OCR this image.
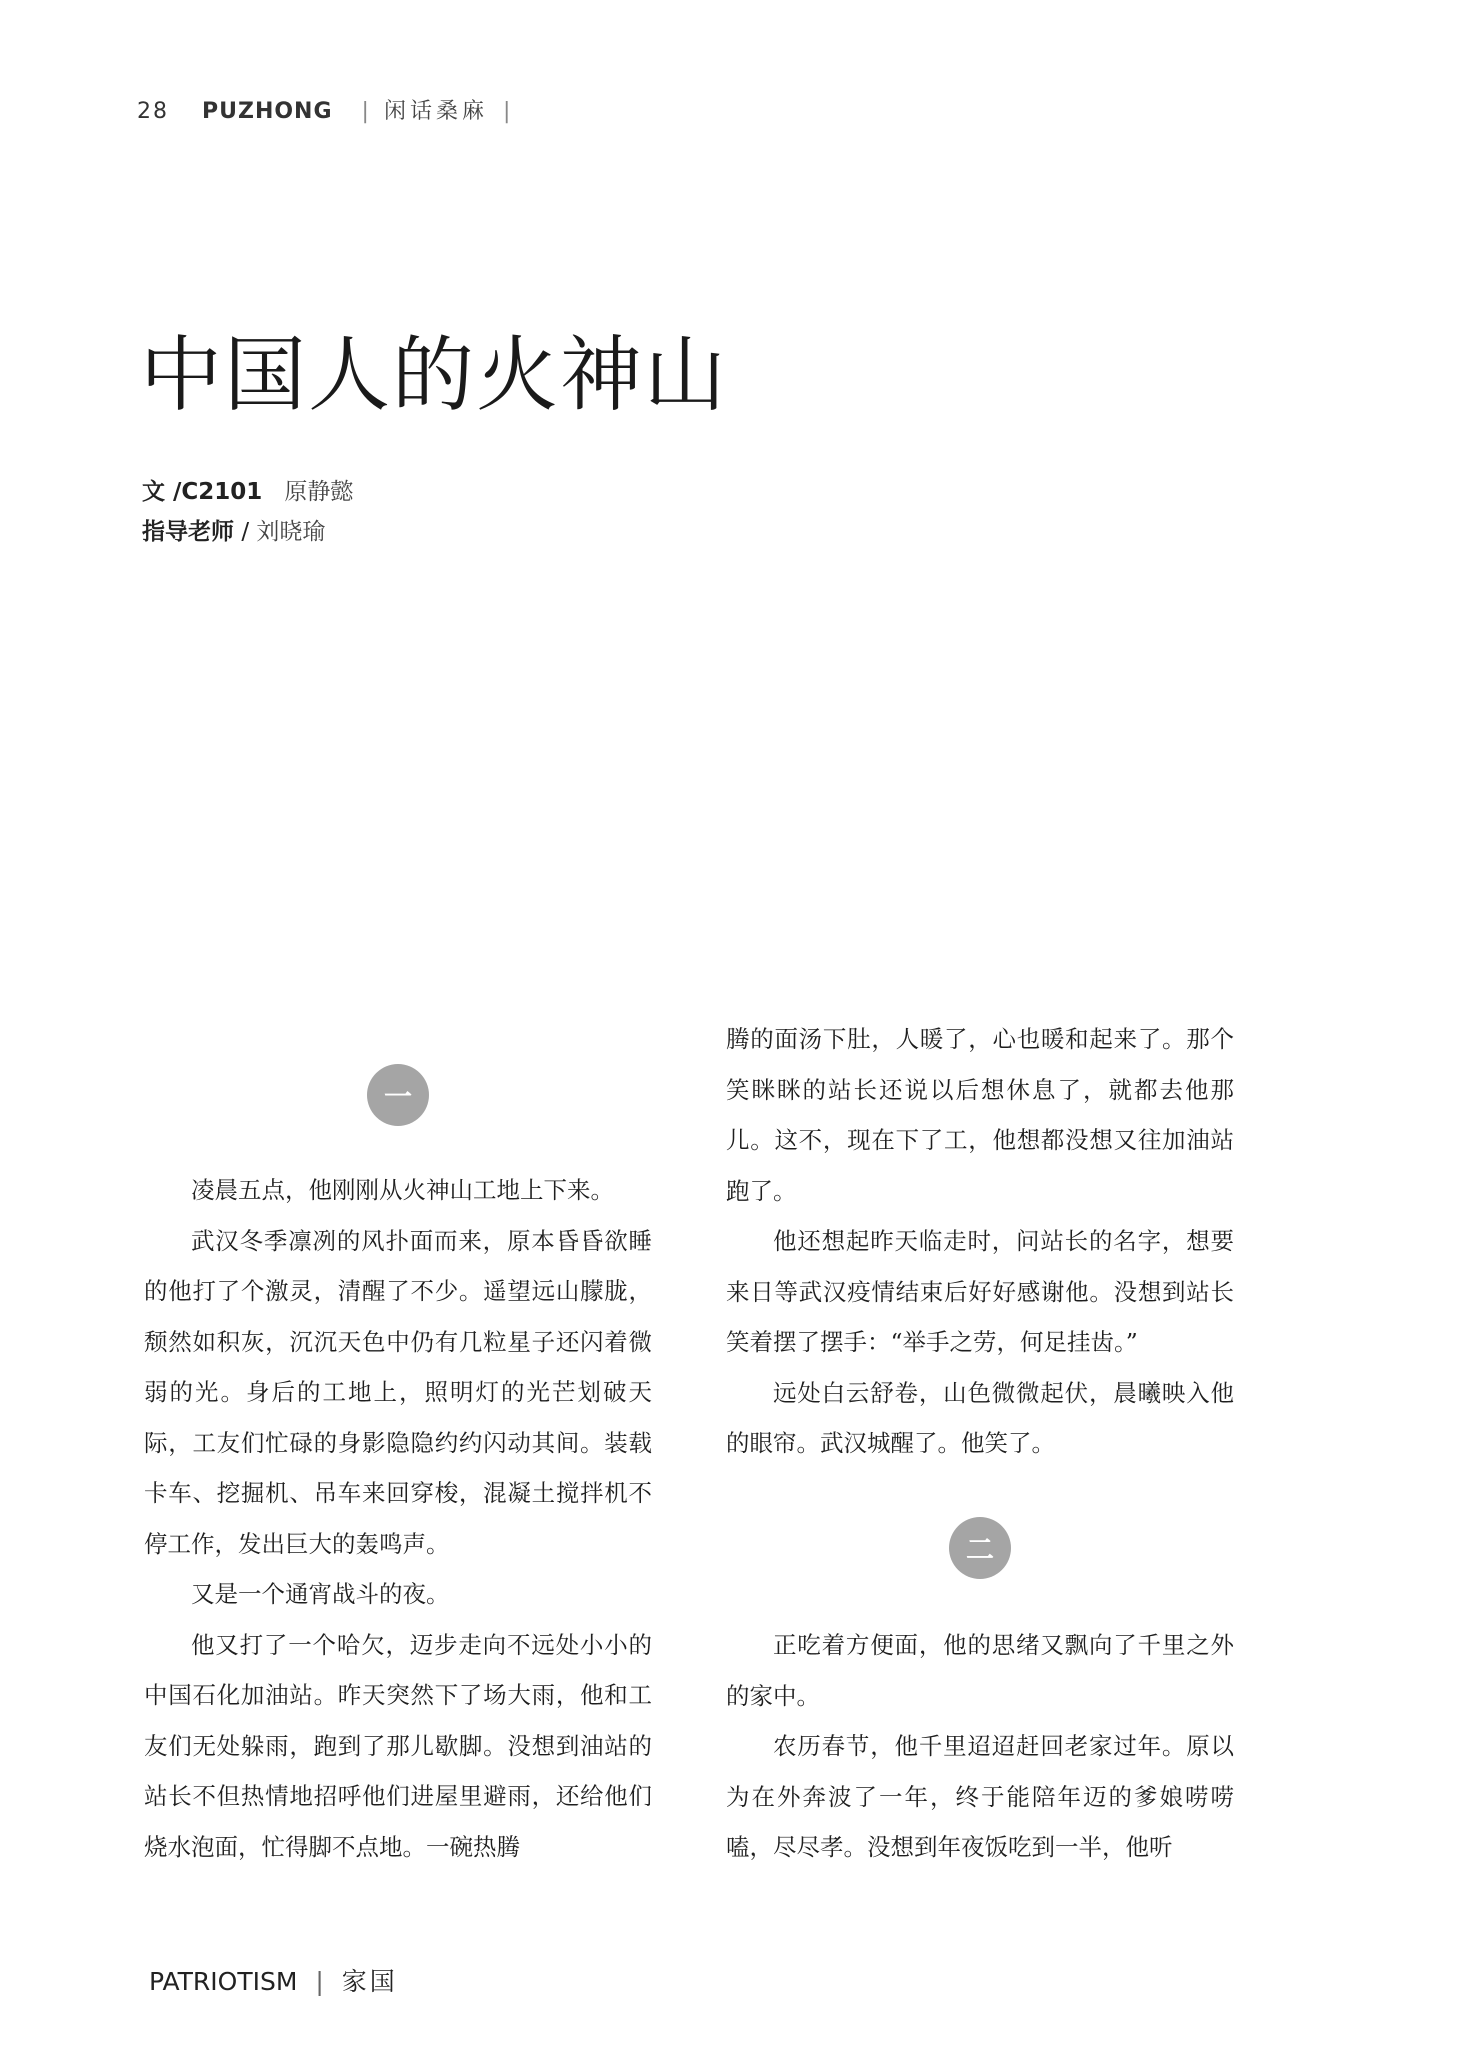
28 PUZHONG | 闲话桑麻 |
中国人的火神山
文 /C2101 原静懿
指导老师 / 刘晓瑜
一

凌晨五点，他刚刚从火神山工地上下来。

武汉冬季凛冽的风扑面而来，原本昏昏欲睡的他打了个激灵，清醒了不少。遥望远山朦胧，颓然如积灰，沉沉天色中仍有几粒星子还闪着微弱的光。身后的工地上，照明灯的光芒划破天际，工友们忙碌的身影隐隐约约闪动其间。装载卡车、挖掘机、吊车来回穿梭，混凝土搅拌机不停工作，发出巨大的轰鸣声。

又是一个通宵战斗的夜。

他又打了一个哈欠，迈步走向不远处小小的中国石化加油站。昨天突然下了场大雨，他和工友们无处躲雨，跑到了那儿歇脚。没想到油站的站长不但热情地招呼他们进屋里避雨，还给他们烧水泡面，忙得脚不点地。一碗热腾

腾的面汤下肚，人暖了，心也暖和起来了。那个笑眯眯的站长还说以后想休息了，就都去他那儿。这不，现在下了工，他想都没想又往加油站跑了。

他还想起昨天临走时，问站长的名字，想要来日等武汉疫情结束后好好感谢他。没想到站长笑着摆了摆手：“举手之劳，何足挂齿。”

远处白云舒卷，山色微微起伏，晨曦映入他的眼帘。武汉城醒了。他笑了。

二

正吃着方便面，他的思绪又飘向了千里之外的家中。

农历春节，他千里迢迢赶回老家过年。原以为在外奔波了一年，终于能陪年迈的爹娘唠唠嗑，尽尽孝。没想到年夜饭吃到一半，他听

PATRIOTISM | 家国
